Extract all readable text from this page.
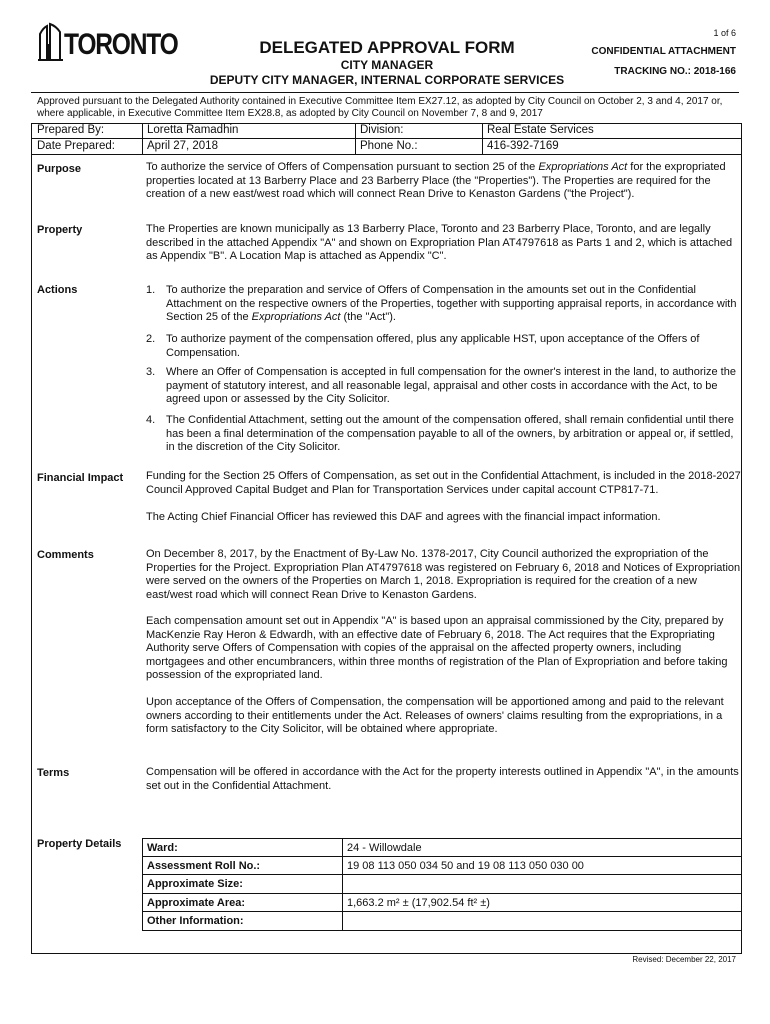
TORONTO	1 of 6
DELEGATED APPROVAL FORM
CITY MANAGER
DEPUTY CITY MANAGER, INTERNAL CORPORATE SERVICES
CONFIDENTIAL ATTACHMENT
TRACKING NO.: 2018-166
Approved pursuant to the Delegated Authority contained in Executive Committee Item EX27.12, as adopted by City Council on October 2, 3 and 4, 2017 or, where applicable, in Executive Committee Item EX28.8, as adopted by City Council on November 7, 8 and 9, 2017
Prepared By:	Loretta Ramadhin	Division:	Real Estate Services
Date Prepared:	April 27, 2018	Phone No.:	416-392-7169
Purpose	To authorize the service of Offers of Compensation pursuant to section 25 of the Expropriations Act for the expropriated properties located at 13 Barberry Place and 23 Barberry Place (the "Properties"). The Properties are required for the creation of a new east/west road which will connect Rean Drive to Kenaston Gardens ("the Project").
Property	The Properties are known municipally as 13 Barberry Place, Toronto and 23 Barberry Place, Toronto, and are legally described in the attached Appendix "A" and shown on Expropriation Plan AT4797618 as Parts 1 and 2, which is attached as Appendix "B". A Location Map is attached as Appendix "C".
Actions	1. To authorize the preparation and service of Offers of Compensation in the amounts set out in the Confidential Attachment on the respective owners of the Properties, together with supporting appraisal reports, in accordance with Section 25 of the Expropriations Act (the "Act").
2. To authorize payment of the compensation offered, plus any applicable HST, upon acceptance of the Offers of Compensation.
3. Where an Offer of Compensation is accepted in full compensation for the owner's interest in the land, to authorize the payment of statutory interest, and all reasonable legal, appraisal and other costs in accordance with the Act, to be agreed upon or assessed by the City Solicitor.
4. The Confidential Attachment, setting out the amount of the compensation offered, shall remain confidential until there has been a final determination of the compensation payable to all of the owners, by arbitration or appeal or, if settled, in the discretion of the City Solicitor.
Financial Impact Funding for the Section 25 Offers of Compensation, as set out in the Confidential Attachment, is included in the 2018-2027 Council Approved Capital Budget and Plan for Transportation Services under capital account CTP817-71.
The Acting Chief Financial Officer has reviewed this DAF and agrees with the financial impact information.
Comments	On December 8, 2017, by the Enactment of By-Law No. 1378-2017, City Council authorized the expropriation of the Properties for the Project. Expropriation Plan AT4797618 was registered on February 6, 2018 and Notices of Expropriation were served on the owners of the Properties on March 1, 2018. Expropriation is required for the creation of a new east/west road which will connect Rean Drive to Kenaston Gardens.
Each compensation amount set out in Appendix "A" is based upon an appraisal commissioned by the City, prepared by MacKenzie Ray Heron & Edwardh, with an effective date of February 6, 2018. The Act requires that the Expropriating Authority serve Offers of Compensation with copies of the appraisal on the affected property owners, including mortgagees and other encumbrancers, within three months of registration of the Plan of Expropriation and before taking possession of the expropriated land.
Upon acceptance of the Offers of Compensation, the compensation will be apportioned among and paid to the relevant owners according to their entitlements under the Act. Releases of owners' claims resulting from the expropriations, in a form satisfactory to the City Solicitor, will be obtained where appropriate.
Terms	Compensation will be offered in accordance with the Act for the property interests outlined in Appendix "A", in the amounts set out in the Confidential Attachment.
Property Details Ward:	24 - Willowdale
Assessment Roll No.:	19 08 113 050 034 50 and 19 08 113 050 030 00
Approximate Size:
Approximate Area:	1,663.2 m² ± (17,902.54 ft² ±)
Other Information:
Revised: December 22, 2017
